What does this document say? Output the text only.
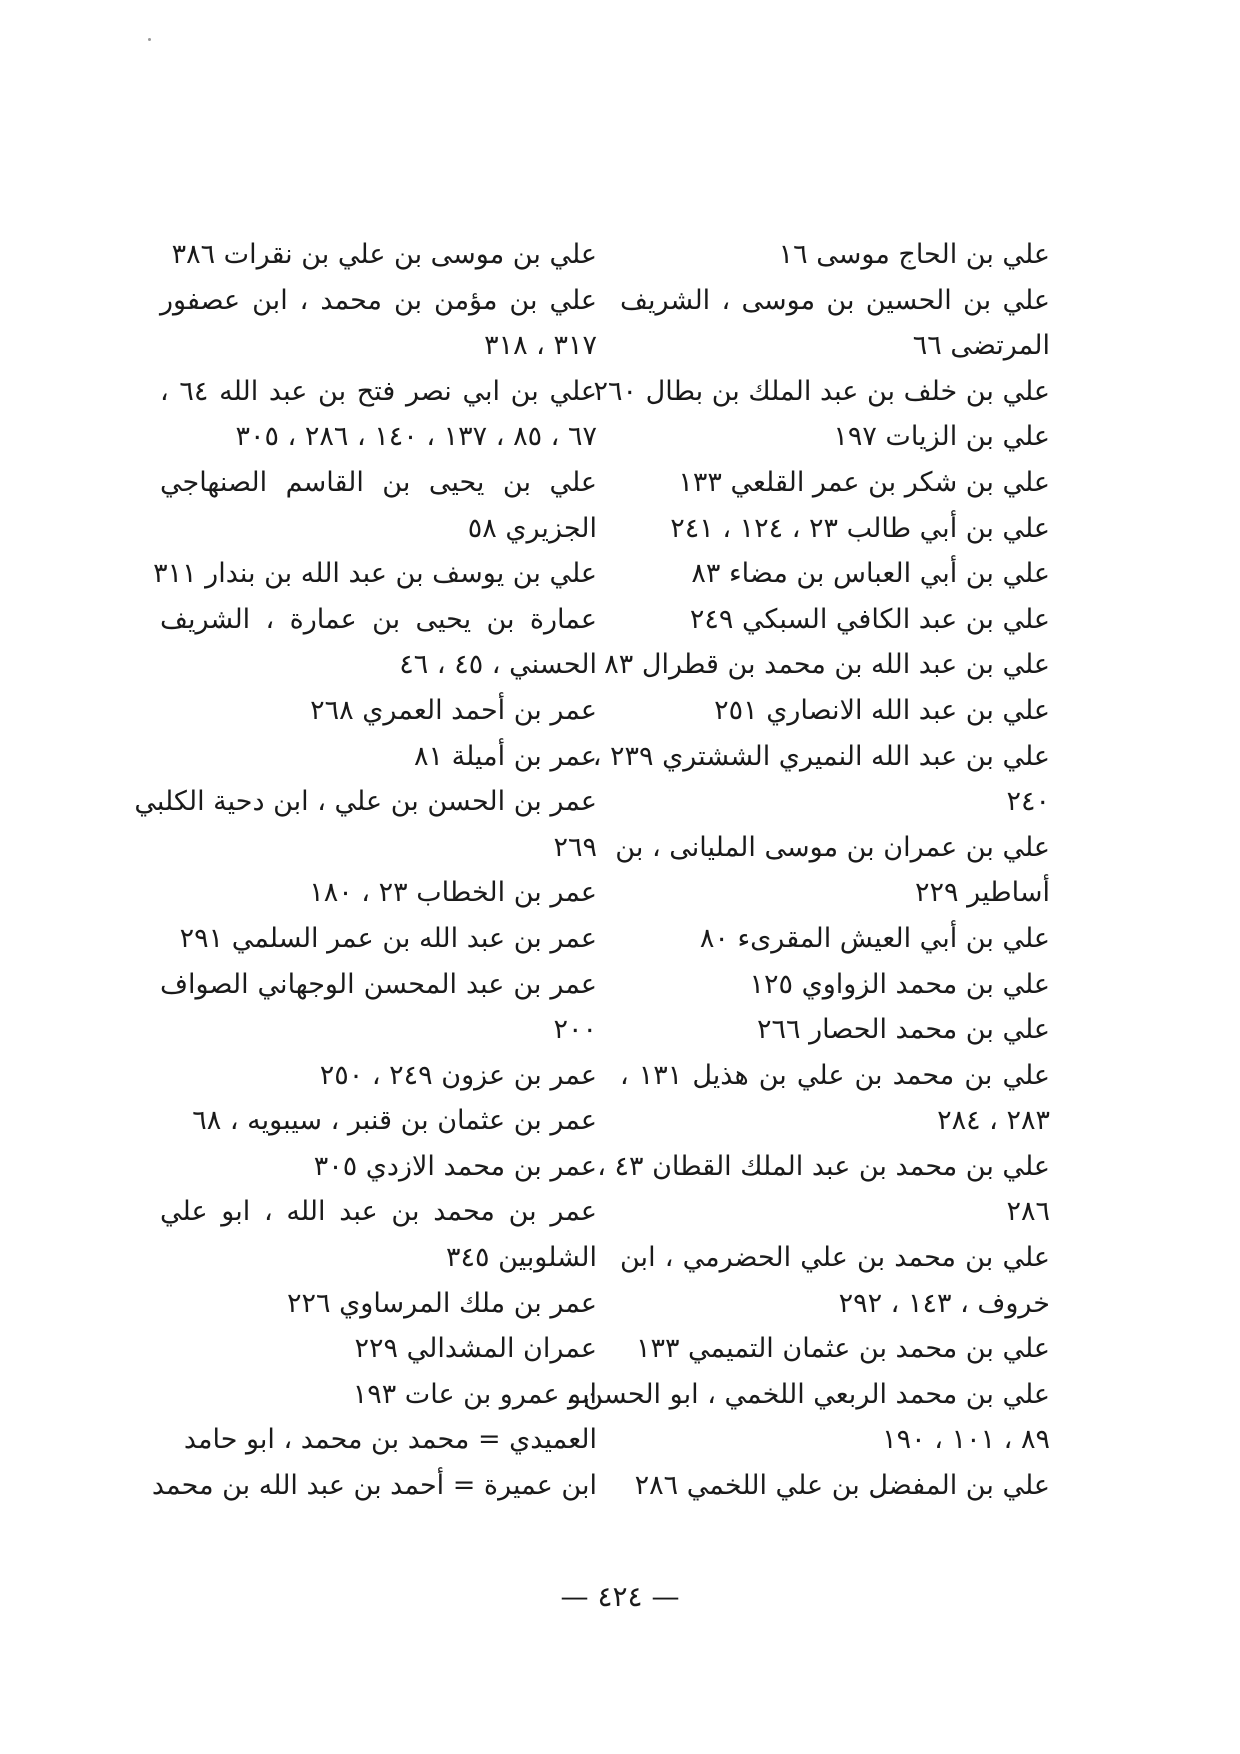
علي بن الحاج موسى ١٦
علي بن الحسين بن موسى ، الشريف
المرتضى ٦٦
علي بن خلف بن عبد الملك بن بطال ٢٦٠
علي بن الزيات ١٩٧
علي بن شكر بن عمر القلعي ١٣٣
علي بن أبي طالب ٢٣ ، ١٢٤ ، ٢٤١
علي بن أبي العباس بن مضاء ٨٣
علي بن عبد الكافي السبكي ٢٤٩
علي بن عبد الله بن محمد بن قطرال ٨٣
علي بن عبد الله الانصاري ٢٥١
علي بن عبد الله النميري الششتري ٢٣٩ ،
٢٤٠
علي بن عمران بن موسى المليانى ، بن
أساطير ٢٢٩
علي بن أبي العيش المقرىء ٨٠
علي بن محمد الزواوي ١٢٥
علي بن محمد الحصار ٢٦٦
علي بن محمد بن علي بن هذيل ١٣١ ،
٢٨٣ ، ٢٨٤
علي بن محمد بن عبد الملك القطان ٤٣ ،
٢٨٦
علي بن محمد بن علي الحضرمي ، ابن
خروف ، ١٤٣ ، ٢٩٢
علي بن محمد بن عثمان التميمي ١٣٣
علي بن محمد الربعي اللخمي ، ابو الحسن ،
٨٩ ، ١٠١ ، ١٩٠
علي بن المفضل بن علي اللخمي ٢٨٦
علي بن موسى بن علي بن نقرات ٣٨٦
علي بن مؤمن بن محمد ، ابن عصفور
٣١٧ ، ٣١٨
علي بن ابي نصر فتح بن عبد الله ٦٤ ،
٦٧ ، ٨٥ ، ١٣٧ ، ١٤٠ ، ٢٨٦ ، ٣٠٥
علي بن يحيى بن القاسم الصنهاجي
الجزيري ٥٨
علي بن يوسف بن عبد الله بن بندار ٣١١
عمارة بن يحيى بن عمارة ، الشريف
الحسني ، ٤٥ ، ٤٦
عمر بن أحمد العمري ٢٦٨
عمر بن أميلة ٨١
عمر بن الحسن بن علي ، ابن دحية الكلبي
٢٦٩
عمر بن الخطاب ٢٣ ، ١٨٠
عمر بن عبد الله بن عمر السلمي ٢٩١
عمر بن عبد المحسن الوجهاني الصواف
٢٠٠
عمر بن عزون ٢٤٩ ، ٢٥٠
عمر بن عثمان بن قنبر ، سيبويه ، ٦٨
عمر بن محمد الازدي ٣٠٥
عمر بن محمد بن عبد الله ، ابو علي
الشلوبين ٣٤٥
عمر بن ملك المرساوي ٢٢٦
عمران المشدالي ٢٢٩
ابو عمرو بن عات ١٩٣
العميدي = محمد بن محمد ، ابو حامد
ابن عميرة = أحمد بن عبد الله بن محمد
— ٤٢٤ —
